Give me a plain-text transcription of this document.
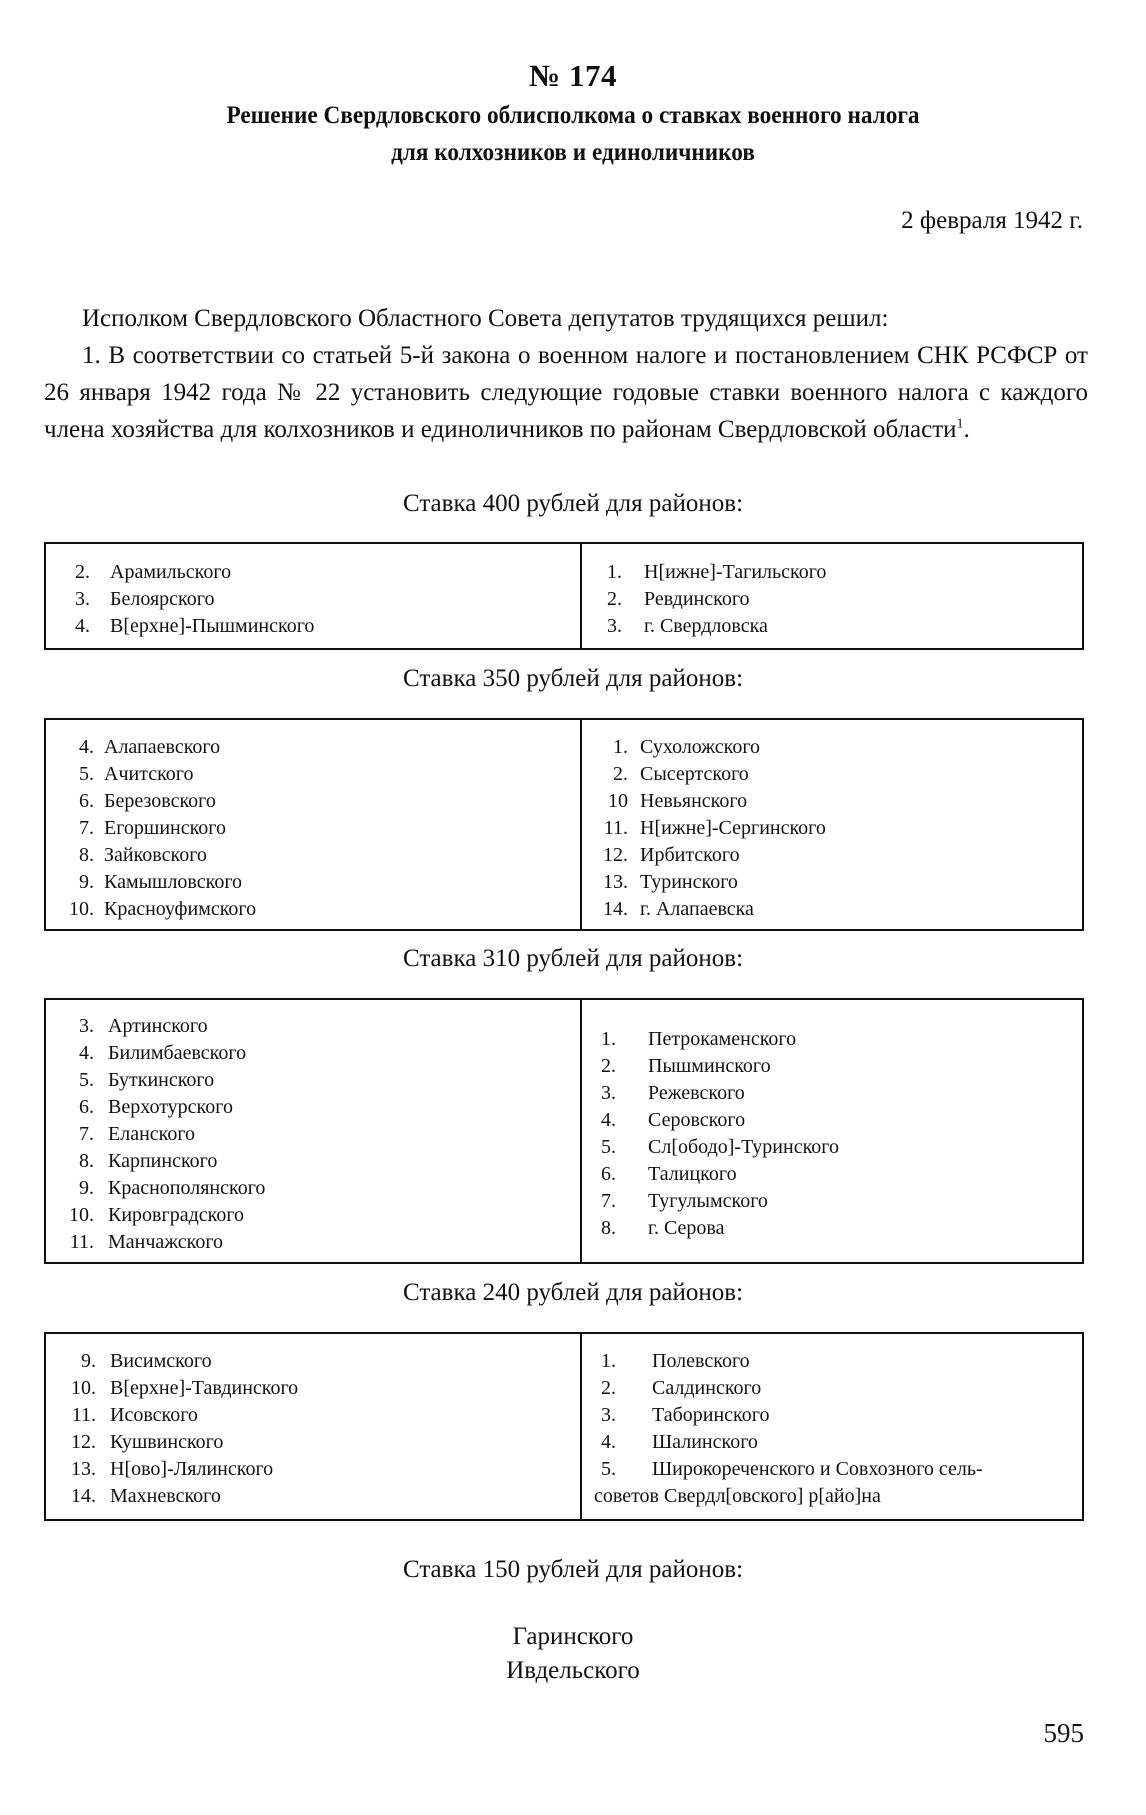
№ 174
Решение Свердловского облисполкома о ставках военного налога
для колхозников и единоличников
2 февраля 1942 г.

Исполком Свердловского Областного Совета депутатов трудящихся решил:

1. В соответствии со статьей 5-й закона о военном налоге и постановлением СНК РСФСР от 26 января 1942 года № 22 установить следующие годовые ставки военного налога с каждого члена хозяйства для колхозников и единоличников по районам Свердловской области$^1$.

Ставка 400 рублей для районов:
2. Арамильского
3. Белоярского
4. В[ерхне]-Пышминского
1. Н[ижне]-Тагильского
2. Ревдинского
3. г. Свердловска
Ставка 350 рублей для районов:
4. Алапаевского
5. Ачитского
6. Березовского
7. Егоршинского
8. Зайковского
9. Камышловского
10. Красноуфимского
1. Сухоложского
2. Сысертского
10 Невьянского
11. Н[ижне]-Сергинского
12. Ирбитского
13. Туринского
14. г. Алапаевска
Ставка 310 рублей для районов:
3. Артинского
4. Билимбаевского
5. Буткинского
6. Верхотурского
7. Еланского
8. Карпинского
9. Краснополянского
10. Кировградского
11. Манчажского
1. Петрокаменского
2. Пышминского
3. Режевского
4. Серовского
5. Сл[ободо]-Туринского
6. Талицкого
7. Тугулымского
8. г. Серова
Ставка 240 рублей для районов:
9. Висимского
10. В[ерхне]-Тавдинского
11. Исовского
12. Кушвинского
13. Н[ово]-Лялинского
14. Махневского
1. Полевского
2. Салдинского
3. Таборинского
4. Шалинского
5. Широкореченского и Совхозного сель-
советов Свердл[овского] р[айо]на
Ставка 150 рублей для районов:
Гаринского
Ивдельского
595
